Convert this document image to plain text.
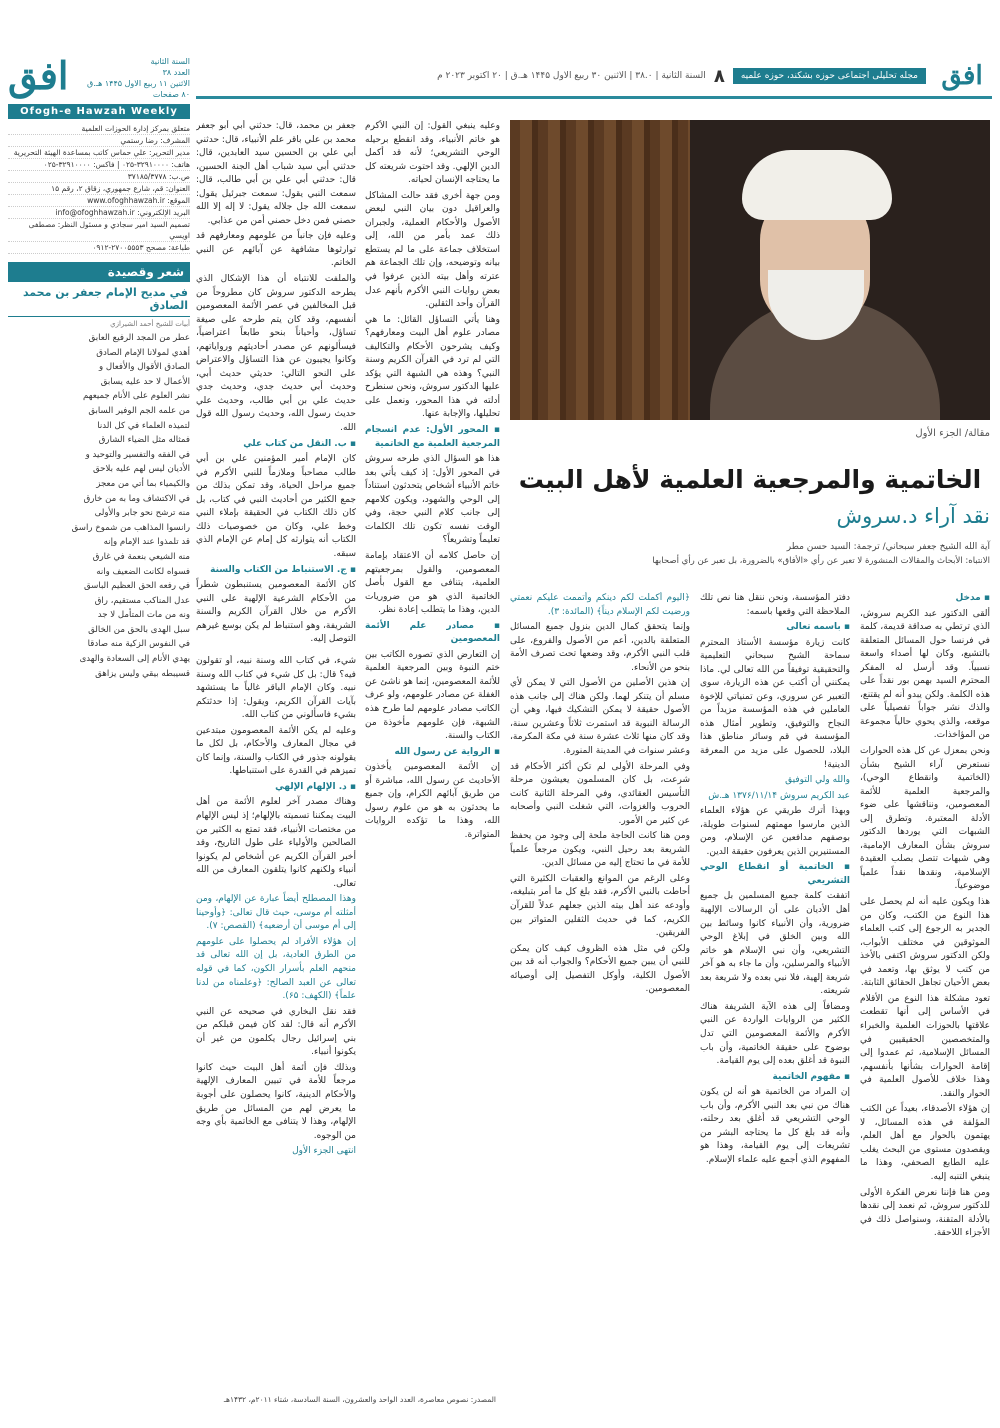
افق
مجله تحلیلی اجتماعی حوزه بشکند، حوزه علمیه
۸
السنة الثانية | ۳۸.۰ | الاثنين ۳۰ ربيع الاول ۱۴۴۵ هـ.ق | ۲۰ اکتوبر ۲۰۲۳ م
السنة الثانية
العدد ۳۸
الاثنين ۱۱ ربيع الاول ۱۴۴۵ هـ.ق
۸۰ صفحات
افق
Ofogh-e Hawzah Weekly
متعلق بمركز إدارة الحوزات العلمية
المشرف: رضا رستمي
مدير التحرير: علي حماس كاتب بمساعدة الهيئة التحريرية
هاتف: ۳۲۹۱۰۰۰۰-۰۲۵ | فاكس: ۳۲۹۱۰۰۰۰-۰۲۵
ص.ب: ۳۷۱۸۵/۳۷۷۸
العنوان: قم، شارع جمهوري، زقاق ۲، رقم ۱۵
الموقع: www.ofoghhawzah.ir
البريد الإلكتروني: info@ofoghhawzah.ir
تصميم السيد امير سجادي و مسئول النظر: مصطفى اويسي
طباعة: مصحح ۲۷۰۰۵۵۵۳-۰۹۱۲
شعر وقصيدة
في مديح الإمام جعفر بن محمد الصادق
أبيات للشيخ أحمد الشيرازي
عطر من المجد الرفيع العابق
أهدي لمولانا الإمام الصادق
الصادق الأقوال والأفعال و
الأعمال لا حد عليه يسابق
نشر العلوم على الأنام جميعهم
من علمه الجم الوفير السابق
لتميذه العلماء في كل الدنا
فمثاله مثل الضياء الشارق
في الفقه والتفسير والتوحيد و
الأديان ليس لهم عليه بلاحق
والكيمياء بما أتي من معجز
في الاكتشاف وما به من خارق
منه ترشح نحو جابر والأولى
رانسوا المذاهب من شموخ راسق
قد تلمذوا عند الإمام وإنه
منه الشيعي بنعمة في غارق
فسواه لكانت الضعيف وانه
في رفعه الحق العظيم الباسق
عدل المناكب مستقيم، راق
ونه من مات المتأمل لا جد
سبل الهدى بالحق من الخالق
في النفوس الزكية منه صادقا
يهدي الأنام إلى السعادة والهدى
قسيبطه بيقي وليس يزاهق
مقالة/ الجزء الأول
الخاتمية والمرجعية العلمية لأهل البيت
نقد آراء د.سروش
آية الله الشيخ جعفر سبحاني/ ترجمة: السيد حسن مطر
الانتباه: الأبحاث والمقالات المنشورة لا تعبر عن رأي «الأفاق» بالضرورة، بل تعبر عن رأي أصحابها

▪ مدخل

ألقى الدكتور عبد الكريم سروش، الذي ترتطي به صداقة قديمة، كلمة في فرنسا حول المسائل المتعلقة بالتشيع، وكان لها أصداء واسعة نسبياً. وقد أرسل له المفكر المحترم السيد بهمن بور نقداً على هذه الكلمة. ولكن يبدو أنه لم يقتنع، والذك نشر جواباً تفصيلياً على موقعه، والذي يحوي حالياً مجموعة من المؤاخذات.

ونحن بمعزل عن كل هذه الحوارات نستعرض آراء الشيخ بشأن (الخاتمية وانقطاع الوحي)، والمرجعية العلمية للأئمة المعصومين، ونناقشها على ضوء الأدلة المعتبرة. وتطرق إلى الشبهات التي يوردها الدكتور سروش بشأن المعارف الإمامية، وهي شبهات تتصل بصلب العقيدة الإسلامية، ونقدها نقداً علمياً موضوعياً.

هذا ويكون عليه أنه لم يحصل على هذا النوع من الكتب، وكان من الجدير به الرجوع إلى كتب العلماء الموثوقين في مختلف الأبواب، ولكن الدكتور سروش اكتفى بالأخذ من كتب لا يوثق بها، وتعمد في بعض الأحيان تجاهل الحقائق الثابتة.

تعود مشكلة هذا النوع من الأقلام في الأساس إلى أنها تقطعت علاقتها بالحوزات العلمية والخبراء والمتخصصين الحقيقيين في المسائل الإسلامية، ثم عمدوا إلى إقامة الحوارات بشأنها بأنفسهم، وهذا خلاف للأصول العلمية في الحوار والنقد.

إن هؤلاء الأصدقاء، بعيداً عن الكتب المؤلفة في هذه المسائل، لا يهتمون بالحوار مع أهل العلم، ويقصدون مستوى من البحث يغلب عليه الطابع الصحفي، وهذا ما ينبغي التنبه إليه.

ومن هنا فإننا نعرض الفكرة الأولى للدكتور سروش، ثم نعمد إلى نقدها بالأدلة المتقنة، وسنواصل ذلك في الأجزاء اللاحقة.

دفتر المؤسسة، ونحن ننقل هنا نص تلك الملاحظة التي وقعها باسمه:

▪ باسمه تعالى

كانت زيارة مؤسسة الأستاذ المحترم سماحة الشيخ سبحاني التعليمية والتحقيقية توفيقاً من الله تعالى لي. ماذا يمكنني أن أكتب عن هذه الزيارة، سوى التعبير عن سروري، وعن تمنياتي للإخوة العاملين في هذه المؤسسة مزيداً من النجاح والتوفيق، وتطوير أمثال هذه المؤسسة في قم وسائر مناطق هذا البلاد، للحصول على مزيد من المعرفة الدينية!

والله ولي التوفيق

عبد الكريم سروش ۱۳۷۶/۱۱/۱۴ هـ.ش

وبهذا أترك طريقي عن هؤلاء العلماء الذين مارسوا مهمتهم لسنوات طويلة، بوصفهم مدافعين عن الإسلام، ومن المستنيرين الذين يعرفون حقيقة الدين.

▪ الخاتمية أو انقطاع الوحي التشريعي

اتفقت كلمة جميع المسلمين بل جميع أهل الأديان على أن الرسالات الإلهية ضرورية، وأن الأنبياء كانوا وسائط بين الله وبين الخلق في إبلاغ الوحي التشريعي، وأن نبي الإسلام هو خاتم الأنبياء والمرسلين، وأن ما جاء به هو آخر شريعة إلهية، فلا نبي بعده ولا شريعة بعد شريعته.

ومضافاً إلى هذه الآية الشريفة هناك الكثير من الروايات الواردة عن النبي الأكرم والأئمة المعصومين التي تدل بوضوح على حقيقة الخاتمية، وأن باب النبوة قد أغلق بعده إلى يوم القيامة.

▪ مفهوم الخاتمية

إن المراد من الخاتمية هو أنه لن يكون هناك من نبي بعد النبي الأكرم، وأن باب الوحي التشريعي قد أغلق بعد رحلته، وأنه قد بلغ كل ما يحتاجه البشر من تشريعات إلى يوم القيامة، وهذا هو المفهوم الذي أجمع عليه علماء الإسلام.

﴿اليوم أكملت لكم دينكم وأتممت عليكم نعمتي ورضيت لكم الإسلام ديناً﴾ (المائدة: ۳).

وإنما يتحقق كمال الدين بنزول جميع المسائل المتعلقة بالدين، أعم من الأصول والفروع، على قلب النبي الأكرم، وقد وضعها تحت تصرف الأمة بنحو من الأنحاء.

إن هذين الأصلين من الأصول التي لا يمكن لأي مسلم أن يتنكر لهما. ولكن هناك إلى جانب هذه الأصول حقيقة لا يمكن التشكيك فيها، وهي أن الرسالة النبوية قد استمرت ثلاثاً وعشرين سنة، وقد كان منها ثلاث عشرة سنة في مكة المكرمة، وعشر سنوات في المدينة المنورة.

وفي المرحلة الأولى لم تكن أكثر الأحكام قد شرعت، بل كان المسلمون يعيشون مرحلة التأسيس العقائدي، وفي المرحلة الثانية كانت الحروب والغزوات، التي شغلت النبي وأصحابه عن كثير من الأمور.

ومن هنا كانت الحاجة ملحة إلى وجود من يحفظ الشريعة بعد رحيل النبي، ويكون مرجعاً علمياً للأمة في ما تحتاج إليه من مسائل الدين.

وعلى الرغم من الموانع والعقبات الكثيرة التي أحاطت بالنبي الأكرم، فقد بلغ كل ما أمر بتبليغه، وأودعه عند أهل بيته الذين جعلهم عدلاً للقرآن الكريم، كما في حديث الثقلين المتواتر بين الفريقين.

ولكن في مثل هذه الظروف كيف كان يمكن للنبي أن يبين جميع الأحكام؟ والجواب أنه قد بين الأصول الكلية، وأوكل التفصيل إلى أوصيائه المعصومين.

وعليه ينبغي القول: إن النبي الأكرم هو خاتم الأنبياء، وقد انقطع برحيله الوحي التشريعي؛ لأنه قد أكمل الدين الإلهي. وقد احتوت شريعته كل ما يحتاجه الإنسان لحياته.

ومن جهة أخرى فقد حالت المشاكل والعراقيل دون بيان النبي لبعض الأصول والأحكام العملية، ولجبران ذلك عمد بأمر من الله، إلى استخلاف جماعة على ما لم يستطع بيانه وتوضيحه، وإن تلك الجماعة هم عترته وأهل بيته الذين عرفوا في بعض روايات النبي الأكرم بأنهم عدل القرآن وأحد الثقلين.

وهنا يأتي التساؤل القائل: ما هي مصادر علوم أهل البيت ومعارفهم؟ وكيف يشرحون الأحكام والتكاليف التي لم ترد في القرآن الكريم وسنة النبي؟ وهذه هي الشبهة التي يؤكد عليها الدكتور سروش، ونحن سنطرح أدلته في هذا المحور، ونعمل على تحليلها، والإجابة عنها.

▪ المحور الأول: عدم انسجام المرجعية العلمية مع الخاتمية

هذا هو السؤال الذي طرحه سروش في المحور الأول: إذ كيف يأتي بعد خاتم الأنبياء أشخاص يتحدثون استناداً إلى الوحي والشهود، ويكون كلامهم إلى جانب كلام النبي حجة، وفي الوقت نفسه تكون تلك الكلمات تعليماً وتشريعاً؟

إن حاصل كلامه أن الاعتقاد بإمامة المعصومين، والقول بمرجعيتهم العلمية، يتنافى مع القول بأصل الخاتمية الذي هو من ضروريات الدين، وهذا ما يتطلب إعادة نظر.

▪ مصادر علم الأئمة المعصومين

إن التعارض الذي تصوره الكاتب بين ختم النبوة وبين المرجعية العلمية للأئمة المعصومين، إنما هو ناشئ عن الغفلة عن مصادر علومهم، ولو عرف الكاتب مصادر علومهم لما طرح هذه الشبهة، فإن علومهم مأخوذة من الكتاب والسنة.

▪ الرواية عن رسول الله

إن الأئمة المعصومين يأخذون الأحاديث عن رسول الله، مباشرة أو من طريق آبائهم الكرام، وإن جميع ما يحدثون به هو من علوم رسول الله، وهذا ما تؤكده الروايات المتواترة.

جعفر بن محمد، قال: حدثني أبي أبو جعفر محمد بن علي باقر علم الأنبياء، قال: حدثني أبي علي بن الحسين سيد العابدين، قال: حدثني أبي سيد شباب أهل الجنة الحسين، قال: حدثني أبي علي بن أبي طالب، قال: سمعت النبي يقول: سمعت جبرئيل يقول: سمعت الله جل جلاله يقول: لا إله إلا الله حصني فمن دخل حصني أمن من عذابي.

وعليه فإن جانباً من علومهم ومعارفهم قد توارثوها مشافهة عن آبائهم عن النبي الخاتم.

والملفت للانتباه أن هذا الإشكال الذي يطرحه الدكتور سروش كان مطروحاً من قبل المخالفين في عصر الأئمة المعصومين أنفسهم، وقد كان يتم طرحه على صيغة تساؤل، وأحياناً بنحو طابعاً اعتراضياً، فيسألونهم عن مصدر أحاديثهم ورواياتهم، وكانوا يجيبون عن هذا التساؤل والاعتراض على النحو التالي: حديثي حديث أبي، وحديث أبي حديث جدي، وحديث جدي حديث علي بن أبي طالب، وحديث علي حديث رسول الله، وحديث رسول الله قول الله.

▪ ب. النقل من كتاب علي

كان الإمام أمير المؤمنين علي بن أبي طالب مصاحباً وملازماً للنبي الأكرم في جميع مراحل الحياة، وقد تمكن بذلك من جمع الكثير من أحاديث النبي في كتاب، بل كان ذلك الكتاب في الحقيقة بإملاء النبي وخط علي، وكان من خصوصيات ذلك الكتاب أنه يتوارثه كل إمام عن الإمام الذي سبقه.

▪ ج. الاستنباط من الكتاب والسنة

كان الأئمة المعصومين يستنبطون شطراً من الأحكام الشرعية الإلهية على النبي الأكرم من خلال القرآن الكريم والسنة الشريفة، وهو استنباط لم يكن بوسع غيرهم التوصل إليه.

شيء، في كتاب الله وسنة نبيه، أو تقولون فيه؟ قال: بل كل شيء في كتاب الله وسنة نبيه. وكان الإمام الباقر غالباً ما يستشهد بآيات القرآن الكريم، ويقول: إذا حدثتكم بشيء فاسألوني من كتاب الله.

وعليه لم يكن الأئمة المعصومون مبتدعين في مجال المعارف والأحكام، بل لكل ما يقولونه جذور في الكتاب والسنة، وإنما كان تميزهم في القدرة على استنباطها.

▪ د. الإلهام الإلهي

وهناك مصدر آخر لعلوم الأئمة من أهل البيت يمكننا تسميته بالإلهام؛ إذ ليس الإلهام من مختصات الأنبياء، فقد تمتع به الكثير من الصالحين والأولياء على طول التاريخ، وقد أخبر القرآن الكريم عن أشخاص لم يكونوا أنبياء ولكنهم كانوا يتلقون المعارف من الله تعالى.

وهذا المصطلح أيضاً عبارة عن الإلهام، ومن أمثلته أم موسى، حيث قال تعالى: ﴿وأوحينا إلى أم موسى أن أرضعيه﴾ (القصص: ۷).

إن هؤلاء الأفراد لم يحصلوا على علومهم من الطرق العادية، بل إن الله تعالى قد منحهم العلم بأسرار الكون، كما في قوله تعالى عن العبد الصالح: ﴿وعلمناه من لدنا علماً﴾ (الكهف: ۶۵).

فقد نقل البخاري في صحيحه عن النبي الأكرم أنه قال: لقد كان فيمن قبلكم من بني إسرائيل رجال يكلمون من غير أن يكونوا أنبياء.

وبذلك فإن أئمة أهل البيت حيث كانوا مرجعاً للأمة في تبيين المعارف الإلهية والأحكام الدينية، كانوا يحصلون على أجوبة ما يعرض لهم من المسائل من طريق الإلهام، وهذا لا يتنافى مع الخاتمية بأي وجه من الوجوه.

انتهى الجزء الأول

المصدر: نصوص معاصرة، العدد الواحد والعشرون، السنة السادسة، شتاء ۲۰۱۱م، ۱۴۳۲هـ
